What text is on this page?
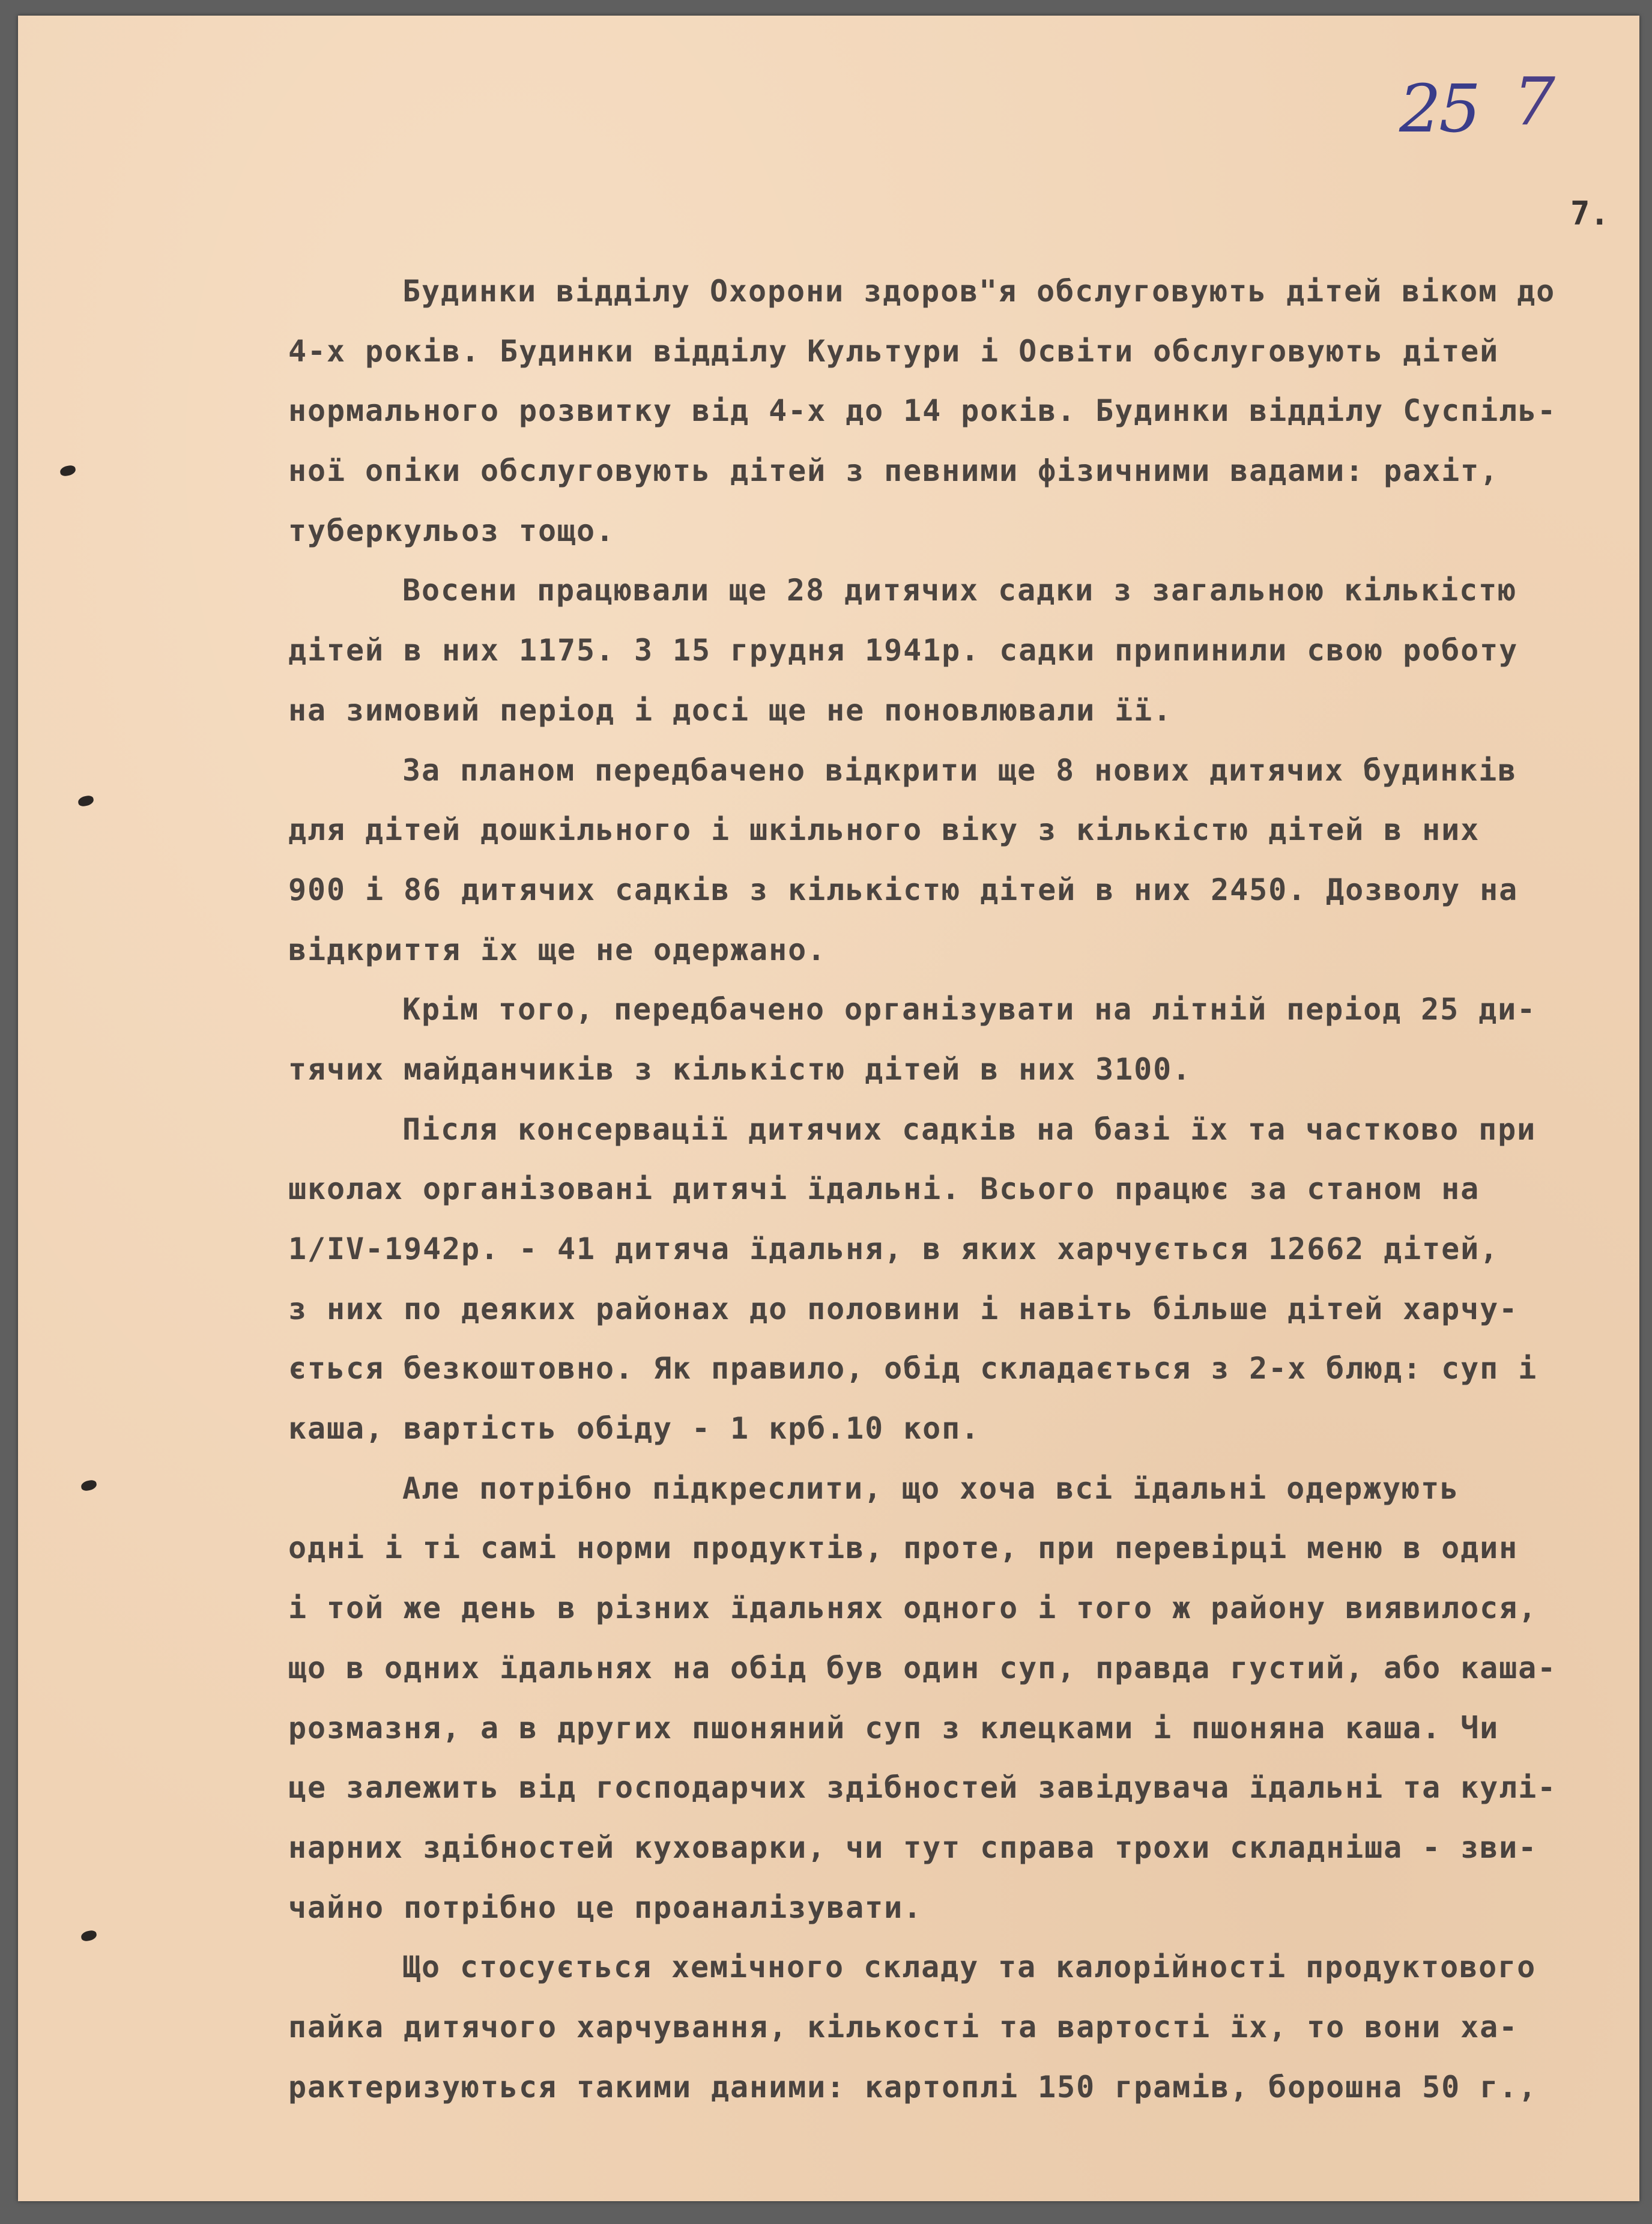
25 7
7.
Будинки відділу Охорони здоров"я обслуговують дітей віком до
4-х років. Будинки відділу Культури і Освіти обслуговують дітей
нормального розвитку від 4-х до 14 років. Будинки відділу Суспіль-
ної опіки обслуговують дітей з певними фізичними вадами: рахіт,
туберкульоз тощо.
Восени працювали ще 28 дитячих садки з загальною кількістю
дітей в них 1175. З 15 грудня 1941р. садки припинили свою роботу
на зимовий період і досі ще не поновлювали її.
За планом передбачено відкрити ще 8 нових дитячих будинків
для дітей дошкільного і шкільного віку з кількістю дітей в них
900 і 86 дитячих садків з кількістю дітей в них 2450. Дозволу на
відкриття їх ще не одержано.
Крім того, передбачено організувати на літній період 25 ди-
тячих майданчиків з кількістю дітей в них 3100.
Після консервації дитячих садків на базі їх та частково при
школах організовані дитячі їдальні. Всього працює за станом на
1/IV-1942р. - 41 дитяча їдальня, в яких харчується 12662 дітей,
з них по деяких районах до половини і навіть більше дітей харчу-
ється безкоштовно. Як правило, обід складається з 2-х блюд: суп і
каша, вартість обіду - 1 крб.10 коп.
Але потрібно підкреслити, що хоча всі їдальні одержують
одні і ті самі норми продуктів, проте, при перевірці меню в один
і той же день в різних їдальнях одного і того ж району виявилося,
що в одних їдальнях на обід був один суп, правда густий, або каша-
розмазня, а в других пшоняний суп з клецками і пшоняна каша. Чи
це залежить від господарчих здібностей завідувача їдальні та кулі-
нарних здібностей куховарки, чи тут справа трохи складніша - зви-
чайно потрібно це проаналізувати.
Що стосується хемічного складу та калорійності продуктового
пайка дитячого харчування, кількості та вартості їх, то вони ха-
рактеризуються такими даними: картоплі 150 грамів, борошна 50 г.,
